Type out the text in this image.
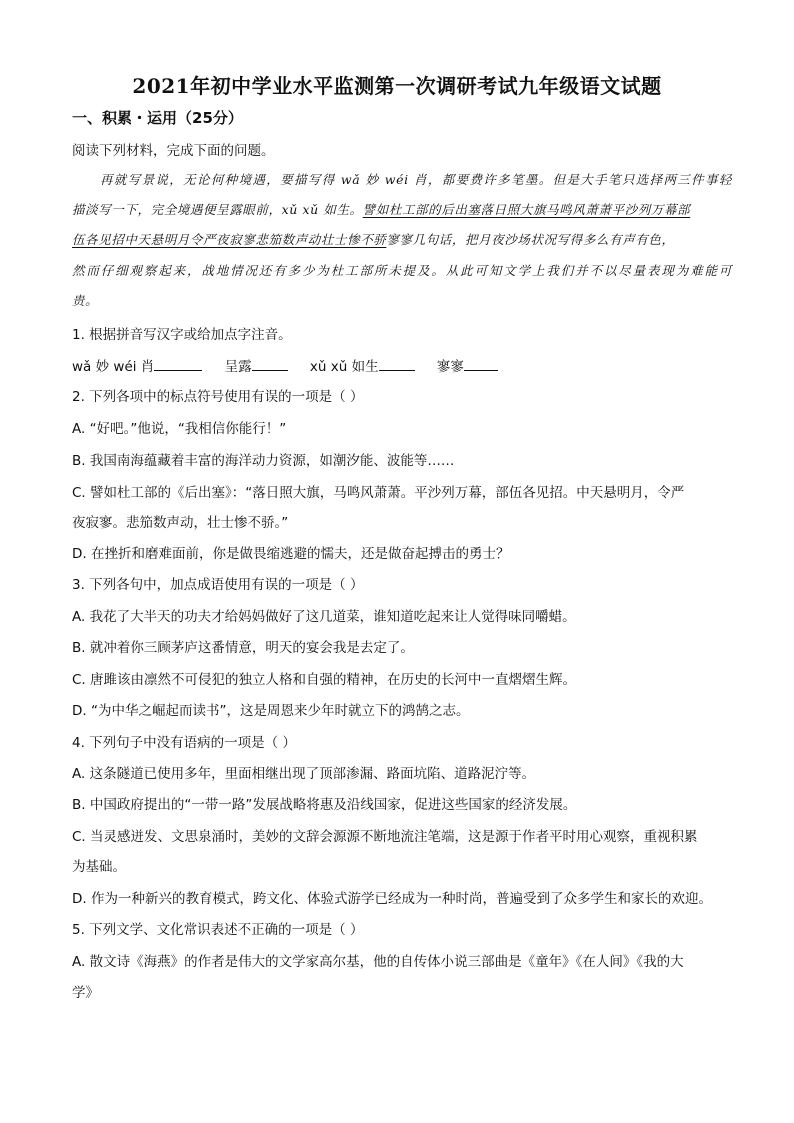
2021年初中学业水平监测第一次调研考试九年级语文试题
一、积累・运用（25分）
阅读下列材料，完成下面的问题。
再就写景说，无论何种境遇，要描写得 wǎ 妙 wéi 肖，都要费许多笔墨。但是大手笔只选择两三件事轻
描淡写一下，完全境遇便呈露眼前，xǔ xǔ 如生。譬如杜工部的后出塞落日照大旗马鸣风萧萧平沙列万幕部
伍各见招中天悬明月令严夜寂寥悲笳数声动壮士惨不骄寥寥几句话，把月夜沙场状况写得多么有声有色，
然而仔细观察起来，战地情况还有多少为杜工部所未提及。从此可知文学上我们并不以尽量表现为难能可
贵。
1. 根据拼音写汉字或给加点字注音。
wǎ 妙 wéi 肖	呈露	xǔ xǔ 如生	寥寥
2. 下列各项中的标点符号使用有误的一项是（ ）
A. “好吧。”他说，“我相信你能行！”
B. 我国南海蕴藏着丰富的海洋动力资源，如潮汐能、波能等……
C. 譬如杜工部的《后出塞》：“落日照大旗，马鸣风萧萧。平沙列万幕，部伍各见招。中天悬明月，令严
夜寂寥。悲笳数声动，壮士惨不骄。”
D. 在挫折和磨难面前，你是做畏缩逃避的懦夫，还是做奋起搏击的勇士？
3. 下列各句中，加点成语使用有误的一项是（ ）
A. 我花了大半天的功夫才给妈妈做好了这几道菜，谁知道吃起来让人觉得味同嚼蜡。
B. 就冲着你三顾茅庐这番情意，明天的宴会我是去定了。
C. 唐雎该由凛然不可侵犯的独立人格和自强的精神，在历史的长河中一直熠熠生辉。
D. “为中华之崛起而读书”，这是周恩来少年时就立下的鸿鹄之志。
4. 下列句子中没有语病的一项是（ ）
A. 这条隧道已使用多年，里面相继出现了顶部渗漏、路面坑陷、道路泥泞等。
B. 中国政府提出的“一带一路”发展战略将惠及沿线国家，促进这些国家的经济发展。
C. 当灵感迸发、文思泉涌时，美妙的文辞会源源不断地流注笔端，这是源于作者平时用心观察，重视积累
为基础。
D. 作为一种新兴的教育模式，跨文化、体验式游学已经成为一种时尚，普遍受到了众多学生和家长的欢迎。
5. 下列文学、文化常识表述不正确的一项是（ ）
A. 散文诗《海燕》的作者是伟大的文学家高尔基，他的自传体小说三部曲是《童年》《在人间》《我的大
学》
